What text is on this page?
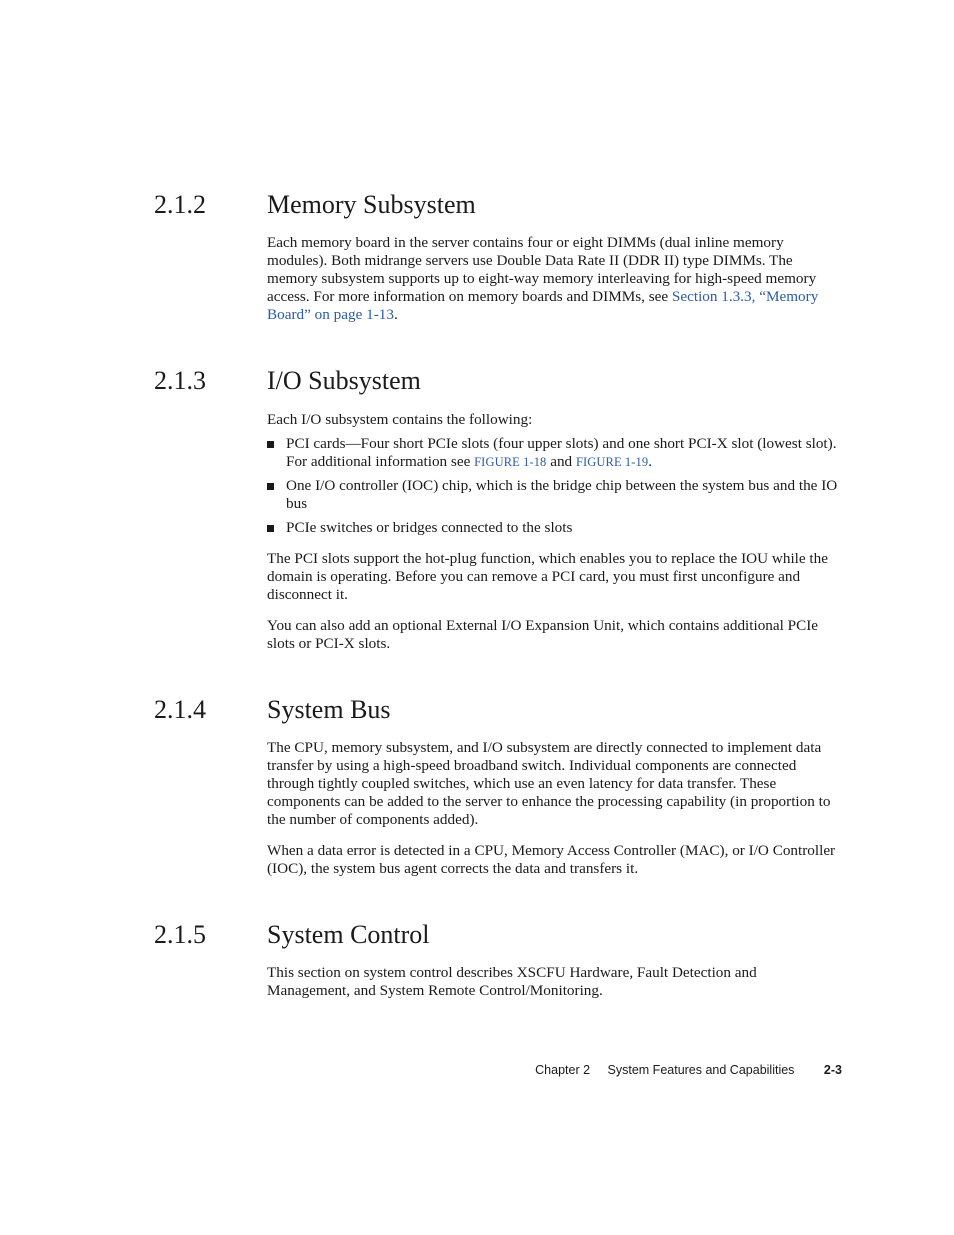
2.1.2 Memory Subsystem

Each memory board in the server contains four or eight DIMMs (dual inline memory modules). Both midrange servers use Double Data Rate II (DDR II) type DIMMs. The memory subsystem supports up to eight-way memory interleaving for high-speed memory access. For more information on memory boards and DIMMs, see Section 1.3.3, “Memory Board” on page 1-13.

2.1.3 I/O Subsystem

Each I/O subsystem contains the following:

PCI cards—Four short PCIe slots (four upper slots) and one short PCI-X slot (lowest slot). For additional information see FIGURE 1-18 and FIGURE 1-19.
One I/O controller (IOC) chip, which is the bridge chip between the system bus and the IO bus
PCIe switches or bridges connected to the slots

The PCI slots support the hot-plug function, which enables you to replace the IOU while the domain is operating. Before you can remove a PCI card, you must first unconfigure and disconnect it.

You can also add an optional External I/O Expansion Unit, which contains additional PCIe slots or PCI-X slots.

2.1.4 System Bus

The CPU, memory subsystem, and I/O subsystem are directly connected to implement data transfer by using a high-speed broadband switch. Individual components are connected through tightly coupled switches, which use an even latency for data transfer. These components can be added to the server to enhance the processing capability (in proportion to the number of components added).

When a data error is detected in a CPU, Memory Access Controller (MAC), or I/O Controller (IOC), the system bus agent corrects the data and transfers it.

2.1.5 System Control

This section on system control describes XSCFU Hardware, Fault Detection and Management, and System Remote Control/Monitoring.

Chapter 2 System Features and Capabilities 2-3
